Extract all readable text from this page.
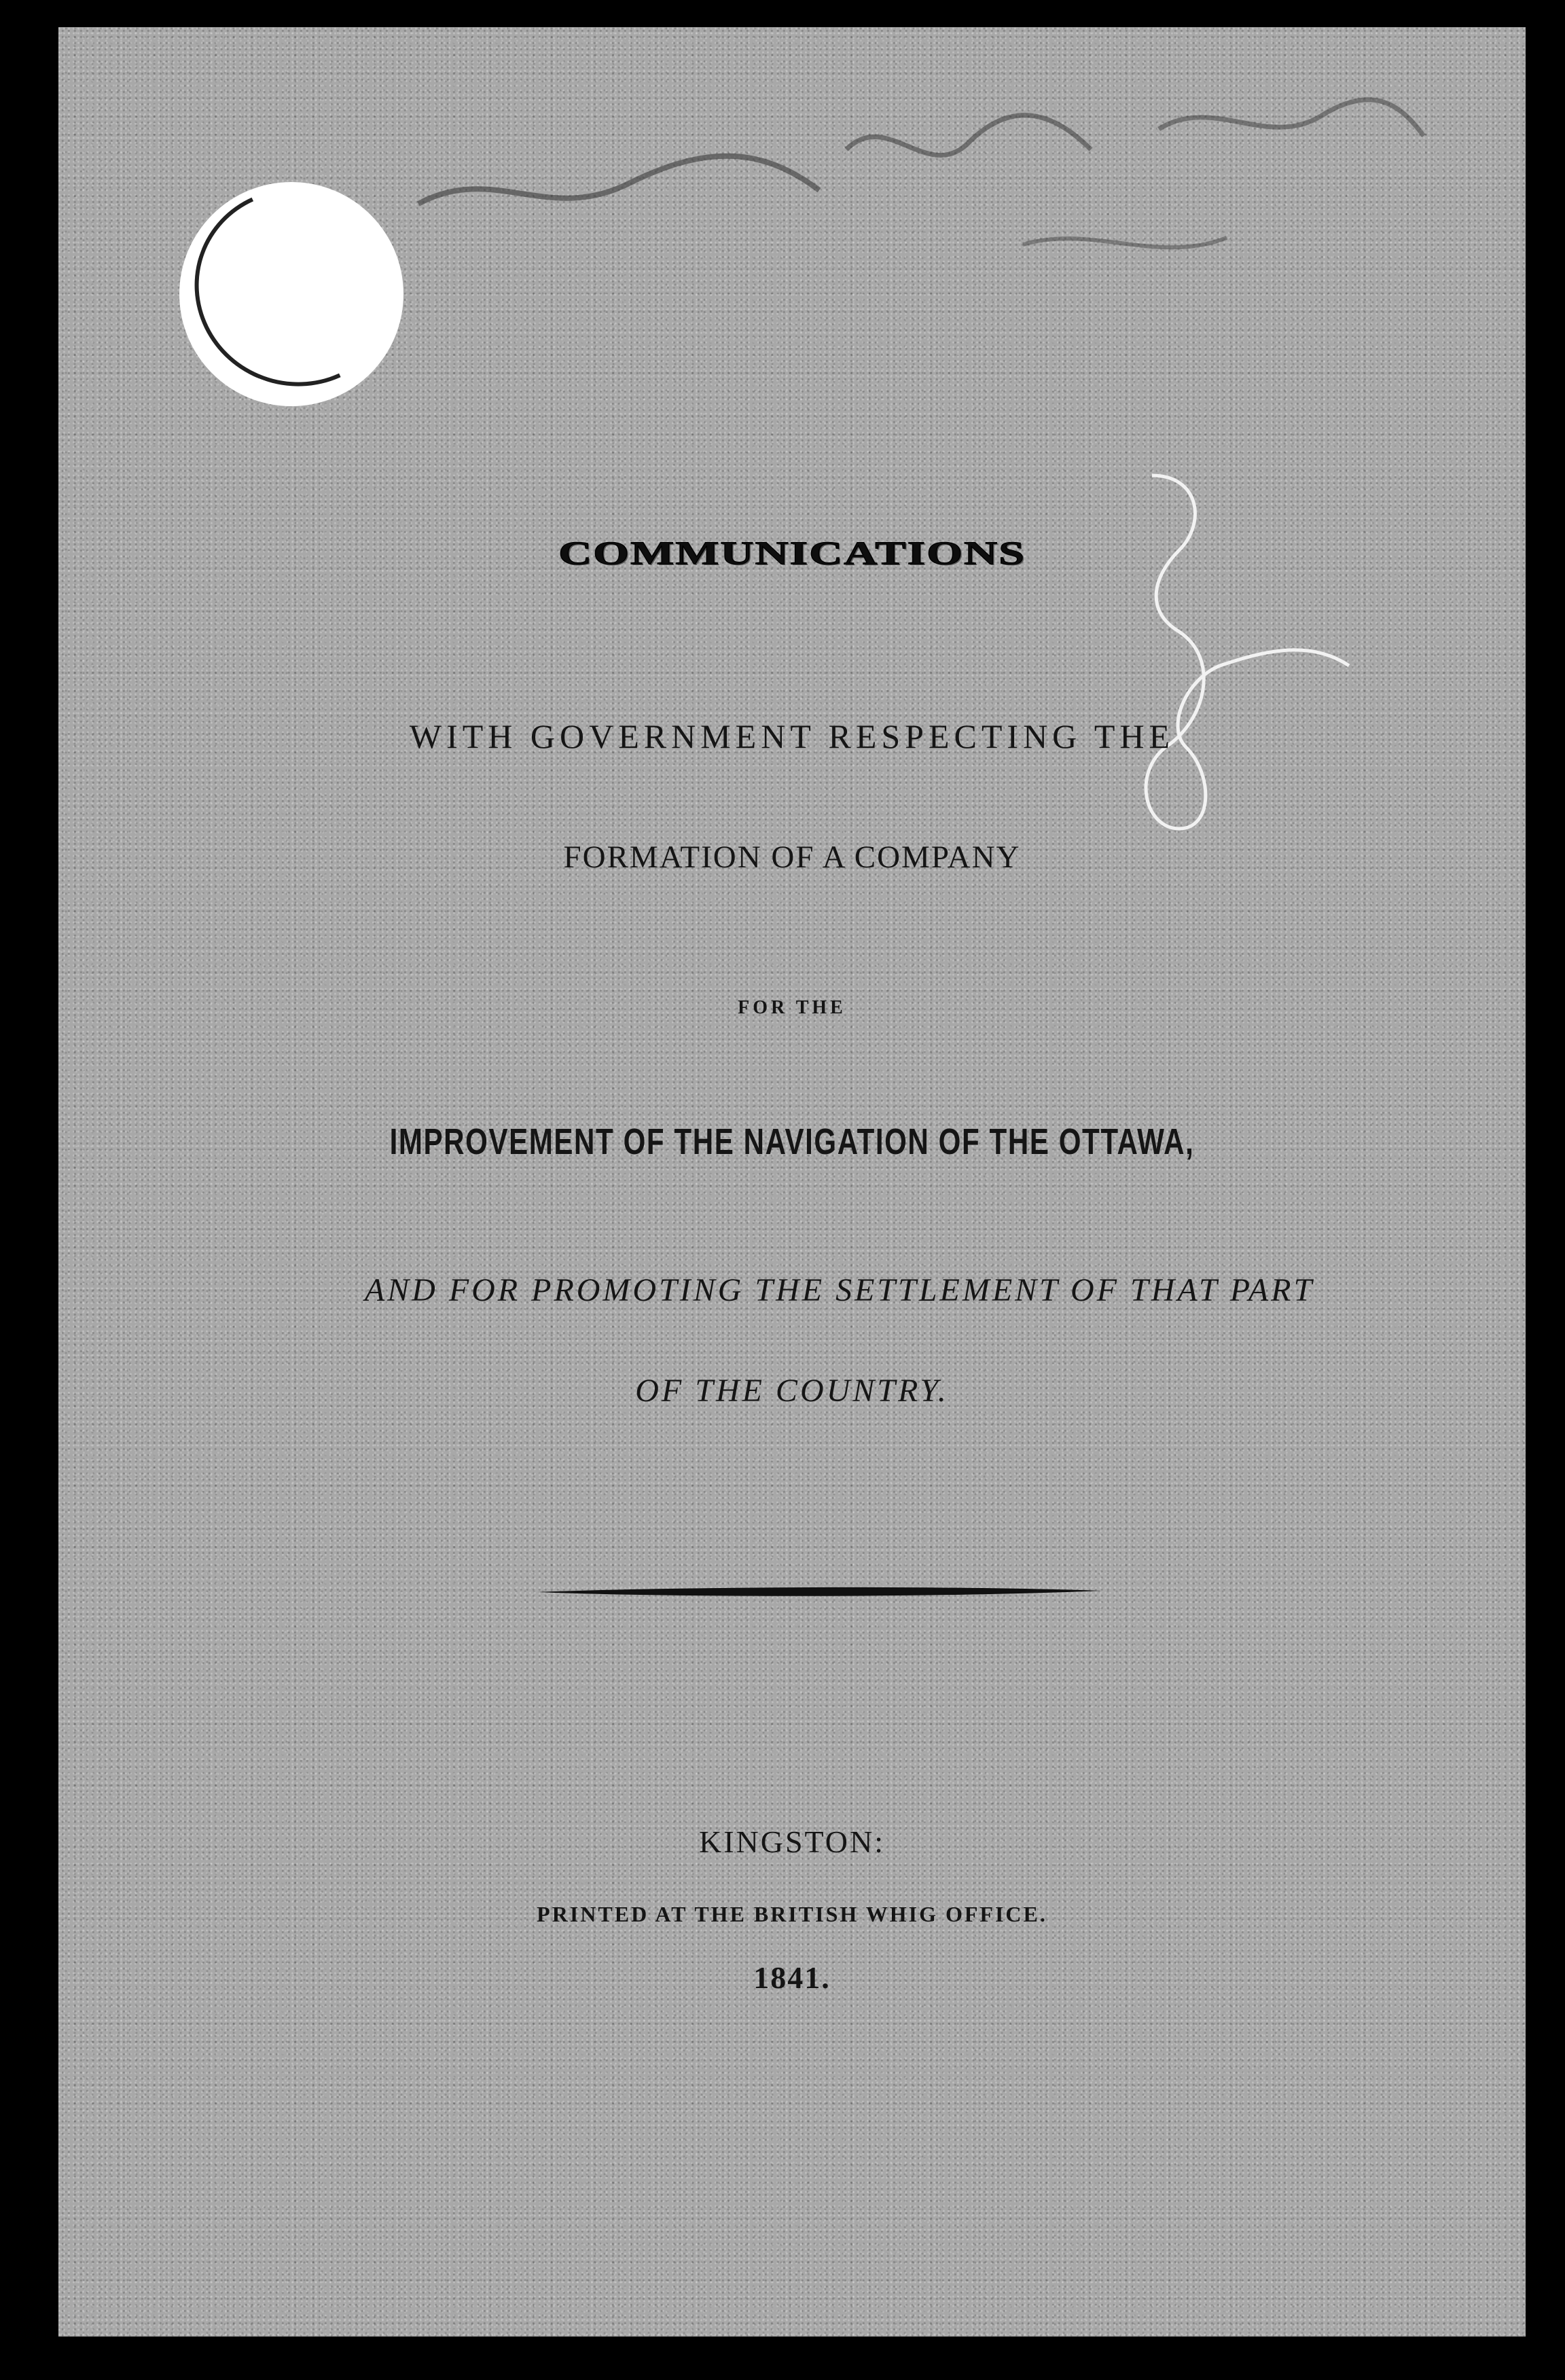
COMMUNICATIONS
WITH GOVERNMENT RESPECTING THE
FORMATION OF A COMPANY
FOR THE
IMPROVEMENT OF THE NAVIGATION OF THE OTTAWA,
AND FOR PROMOTING THE SETTLEMENT OF THAT PART
OF THE COUNTRY.
KINGSTON:
PRINTED AT THE BRITISH WHIG OFFICE.
1841.
